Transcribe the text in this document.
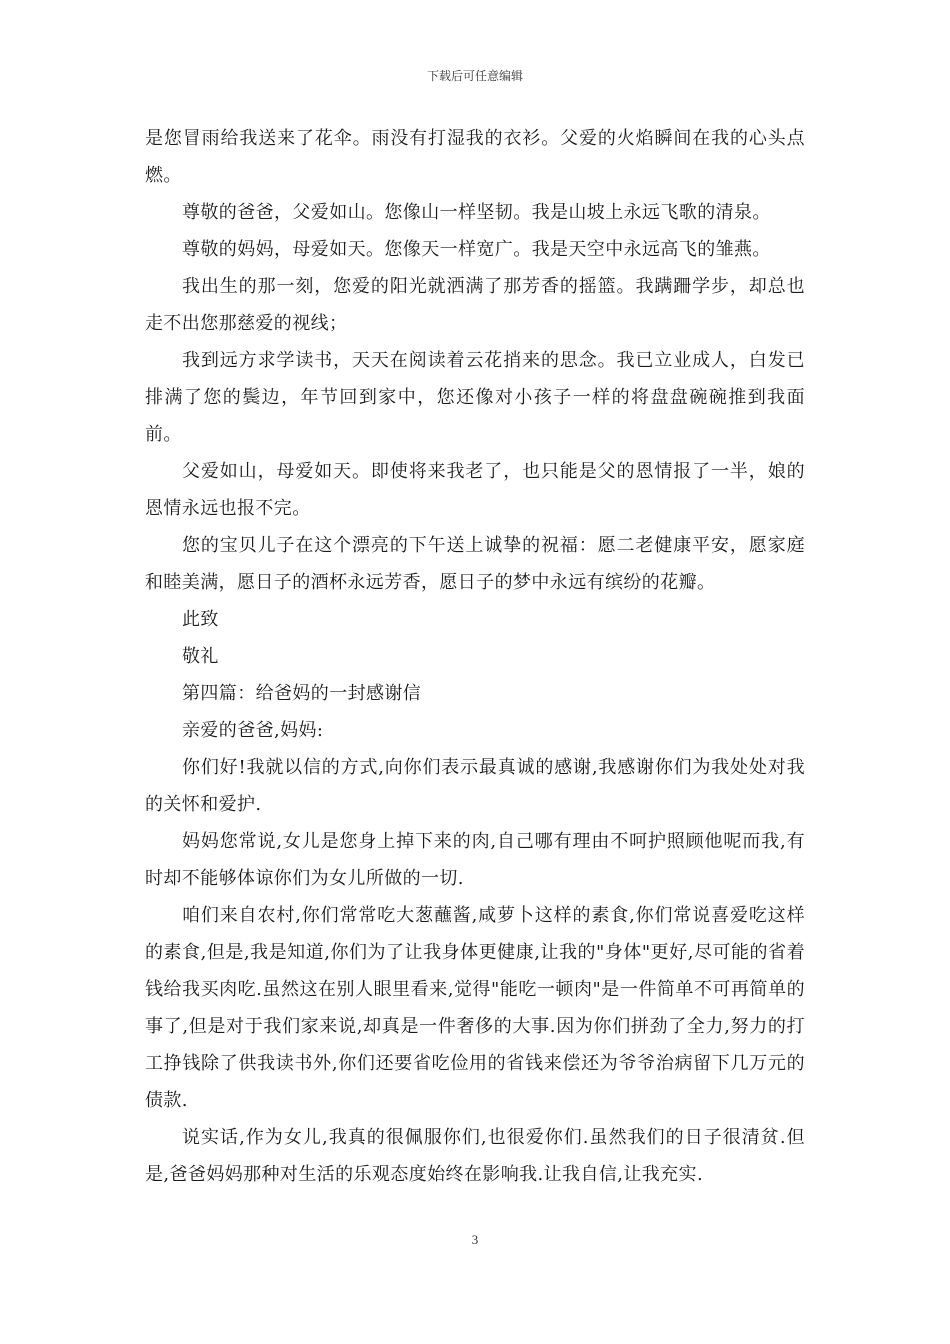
下载后可任意编辑

是您冒雨给我送来了花伞。雨没有打湿我的衣衫。父爱的火焰瞬间在我的心头点燃。

尊敬的爸爸，父爱如山。您像山一样坚韧。我是山坡上永远飞歌的清泉。

尊敬的妈妈，母爱如天。您像天一样宽广。我是天空中永远高飞的雏燕。

我出生的那一刻，您爱的阳光就洒满了那芳香的摇篮。我蹒跚学步，却总也走不出您那慈爱的视线；

我到远方求学读书，天天在阅读着云花捎来的思念。我已立业成人，白发已排满了您的鬓边，年节回到家中，您还像对小孩子一样的将盘盘碗碗推到我面前。

父爱如山，母爱如天。即使将来我老了，也只能是父的恩情报了一半，娘的恩情永远也报不完。

您的宝贝儿子在这个漂亮的下午送上诚挚的祝福：愿二老健康平安，愿家庭和睦美满，愿日子的酒杯永远芳香，愿日子的梦中永远有缤纷的花瓣。

此致

敬礼

第四篇：给爸妈的一封感谢信

亲爱的爸爸,妈妈:

你们好!我就以信的方式,向你们表示最真诚的感谢,我感谢你们为我处处对我的关怀和爱护.

妈妈您常说,女儿是您身上掉下来的肉,自己哪有理由不呵护照顾他呢而我,有时却不能够体谅你们为女儿所做的一切.

咱们来自农村,你们常常吃大葱蘸酱,咸萝卜这样的素食,你们常说喜爱吃这样的素食,但是,我是知道,你们为了让我身体更健康,让我的"身体"更好,尽可能的省着钱给我买肉吃.虽然这在别人眼里看来,觉得"能吃一顿肉"是一件简单不可再简单的事了,但是对于我们家来说,却真是一件奢侈的大事.因为你们拼劲了全力,努力的打工挣钱除了供我读书外,你们还要省吃俭用的省钱来偿还为爷爷治病留下几万元的债款.

说实话,作为女儿,我真的很佩服你们,也很爱你们.虽然我们的日子很清贫.但是,爸爸妈妈那种对生活的乐观态度始终在影响我.让我自信,让我充实.

3
